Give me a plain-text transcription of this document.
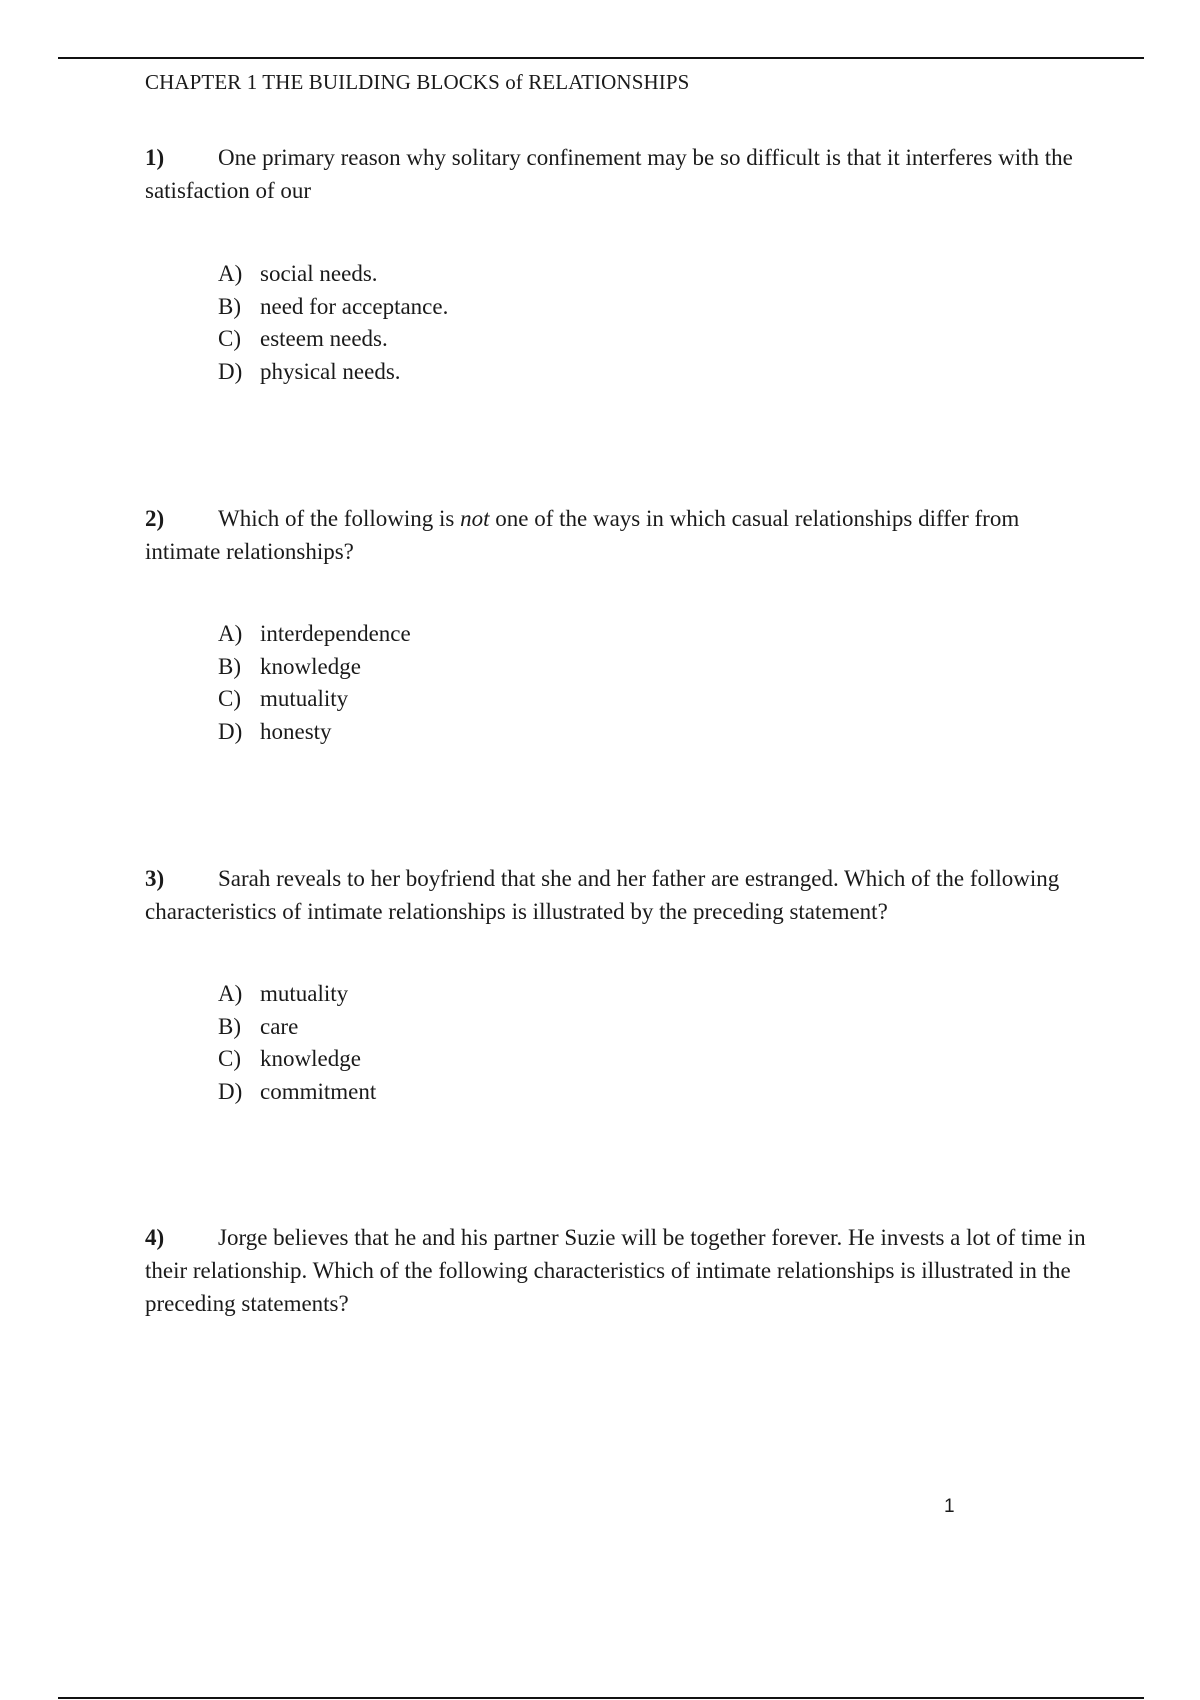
CHAPTER 1 THE BUILDING BLOCKS of RELATIONSHIPS
1) One primary reason why solitary confinement may be so difficult is that it interferes with the satisfaction of our
A) social needs.
B) need for acceptance.
C) esteem needs.
D) physical needs.
2) Which of the following is not one of the ways in which casual relationships differ from intimate relationships?
A) interdependence
B) knowledge
C) mutuality
D) honesty
3) Sarah reveals to her boyfriend that she and her father are estranged. Which of the following characteristics of intimate relationships is illustrated by the preceding statement?
A) mutuality
B) care
C) knowledge
D) commitment
4) Jorge believes that he and his partner Suzie will be together forever. He invests a lot of time in their relationship. Which of the following characteristics of intimate relationships is illustrated in the preceding statements?
1
